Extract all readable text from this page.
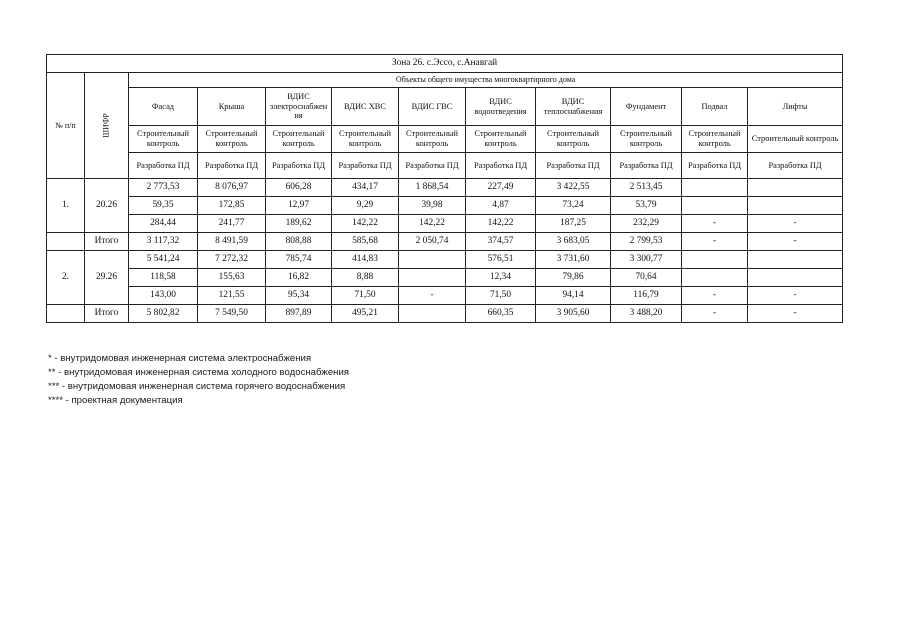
Зона 26. с.Эссо, с.Анавгай											
№ п/п	ШИФР	Объекты общего имущества многоквартирного дома									
		Фасад	Крыша	ВДИС электроснабжен ия	ВДИС ХВС	ВДИС ГВС	ВДИС водоотведения	ВДИС теплоснабжения	Фундамент	Подвал	Лифты
		Строительный контроль	Строительный контроль	Строительный контроль	Строительный контроль	Строительный контроль	Строительный контроль	Строительный контроль	Строительный контроль	Строительный контроль	Строительный контроль
		Разработка ПД	Разработка ПД	Разработка ПД	Разработка ПД	Разработка ПД	Разработка ПД	Разработка ПД	Разработка ПД	Разработка ПД	Разработка ПД
1.	20.26	2 773,53	8 076,97	606,28	434,17	1 868,54	227,49	3 422,55	2 513,45		
		59,35	172,85	12,97	9,29	39,98	4,87	73,24	53,79		
		284,44	241,77	189,62	142,22	142,22	142,22	187,25	232,29	-	-
	Итого	3 117,32	8 491,59	808,88	585,68	2 050,74	374,57	3 683,05	2 799,53	-	-
2.	29.26	5 541,24	7 272,32	785,74	414,83		576,51	3 731,60	3 300,77		
		118,58	155,63	16,82	8,88		12,34	79,86	70,64		
		143,00	121,55	95,34	71,50	-	71,50	94,14	116,79	-	-
	Итого	5 802,82	7 549,50	897,89	495,21		660,35	3 905,60	3 488,20	-	-
* - внутридомовая инженерная система электроснабжения
** - внутридомовая инженерная система холодного водоснабжения
*** - внутридомовая инженерная система горячего водоснабжения
**** - проектная документация
